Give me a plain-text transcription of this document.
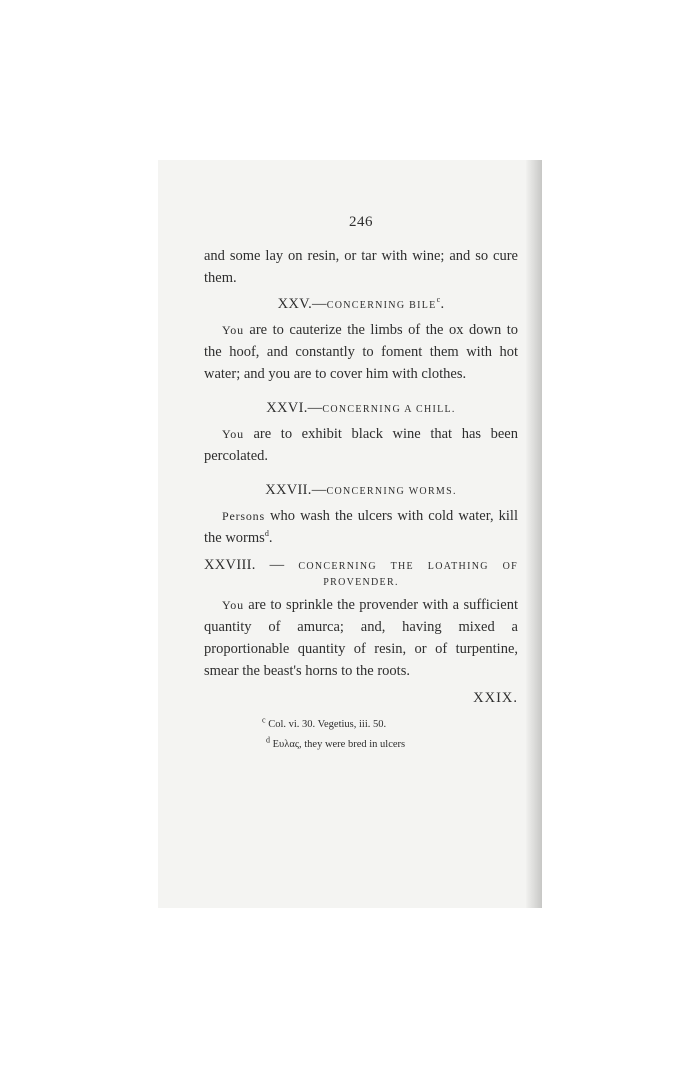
246

and some lay on resin, or tar with wine; and so cure them.

XXV.—CONCERNING BILE$^c$.

You are to cauterize the limbs of the ox down to the hoof, and constantly to foment them with hot water; and you are to cover him with clothes.

XXVI.—CONCERNING A CHILL.

You are to exhibit black wine that has been percolated.

XXVII.—CONCERNING WORMS.

Persons who wash the ulcers with cold water, kill the worms$^d$.

XXVIII. — CONCERNING THE LOATHING OF
PROVENDER.

You are to sprinkle the provender with a sufficient quantity of amurca; and, having mixed a proportionable quantity of resin, or of turpentine, smear the beast's horns to the roots.

XXIX.
$^c$ Col. vi. 30. Vegetius, iii. 50.
$^d$ Ευλας, they were bred in ulcers
